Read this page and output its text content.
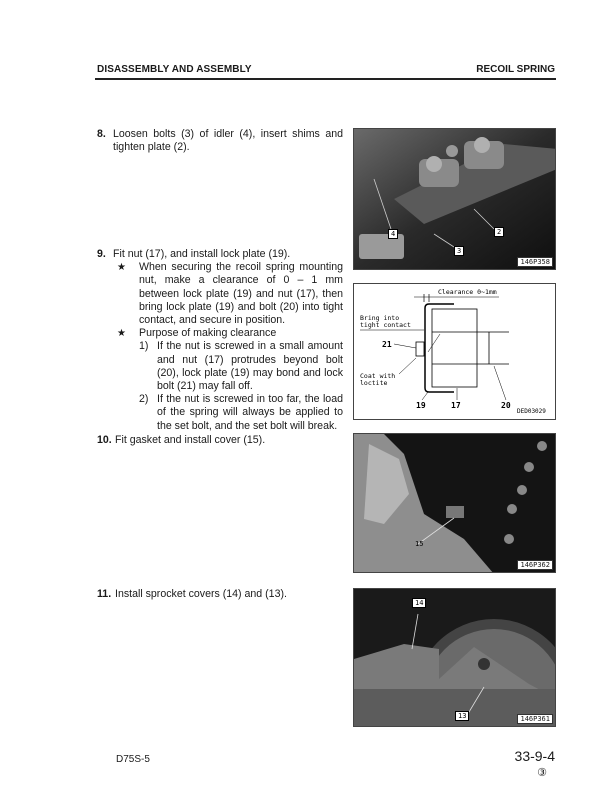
DISASSEMBLY AND ASSEMBLY	RECOIL SPRING
8. Loosen bolts (3) of idler (4), insert shims and tighten plate (2).
9. Fit nut (17), and install lock plate (19).
★ When securing the recoil spring mounting nut, make a clearance of 0 – 1 mm between lock plate (19) and nut (17), then bring lock plate (19) and bolt (20) into tight contact, and secure in position.
★ Purpose of making clearance
1) If the nut is screwed in a small amount and nut (17) protrudes beyond bolt (20), lock plate (19) may bond and lock bolt (21) may fall off.
2) If the nut is screwed in too far, the load of the spring will always be applied to the set bolt, and the set bolt will break.
10. Fit gasket and install cover (15).
11. Install sprocket covers (14) and (13).
4	2
3
146P358
Clearance 0~1mm
Bring into
tight contact
21
Coat with
loctite
19	17	20
DED03029
15
146P362
14
13	146P361
D75S-5	33-9-4
③
